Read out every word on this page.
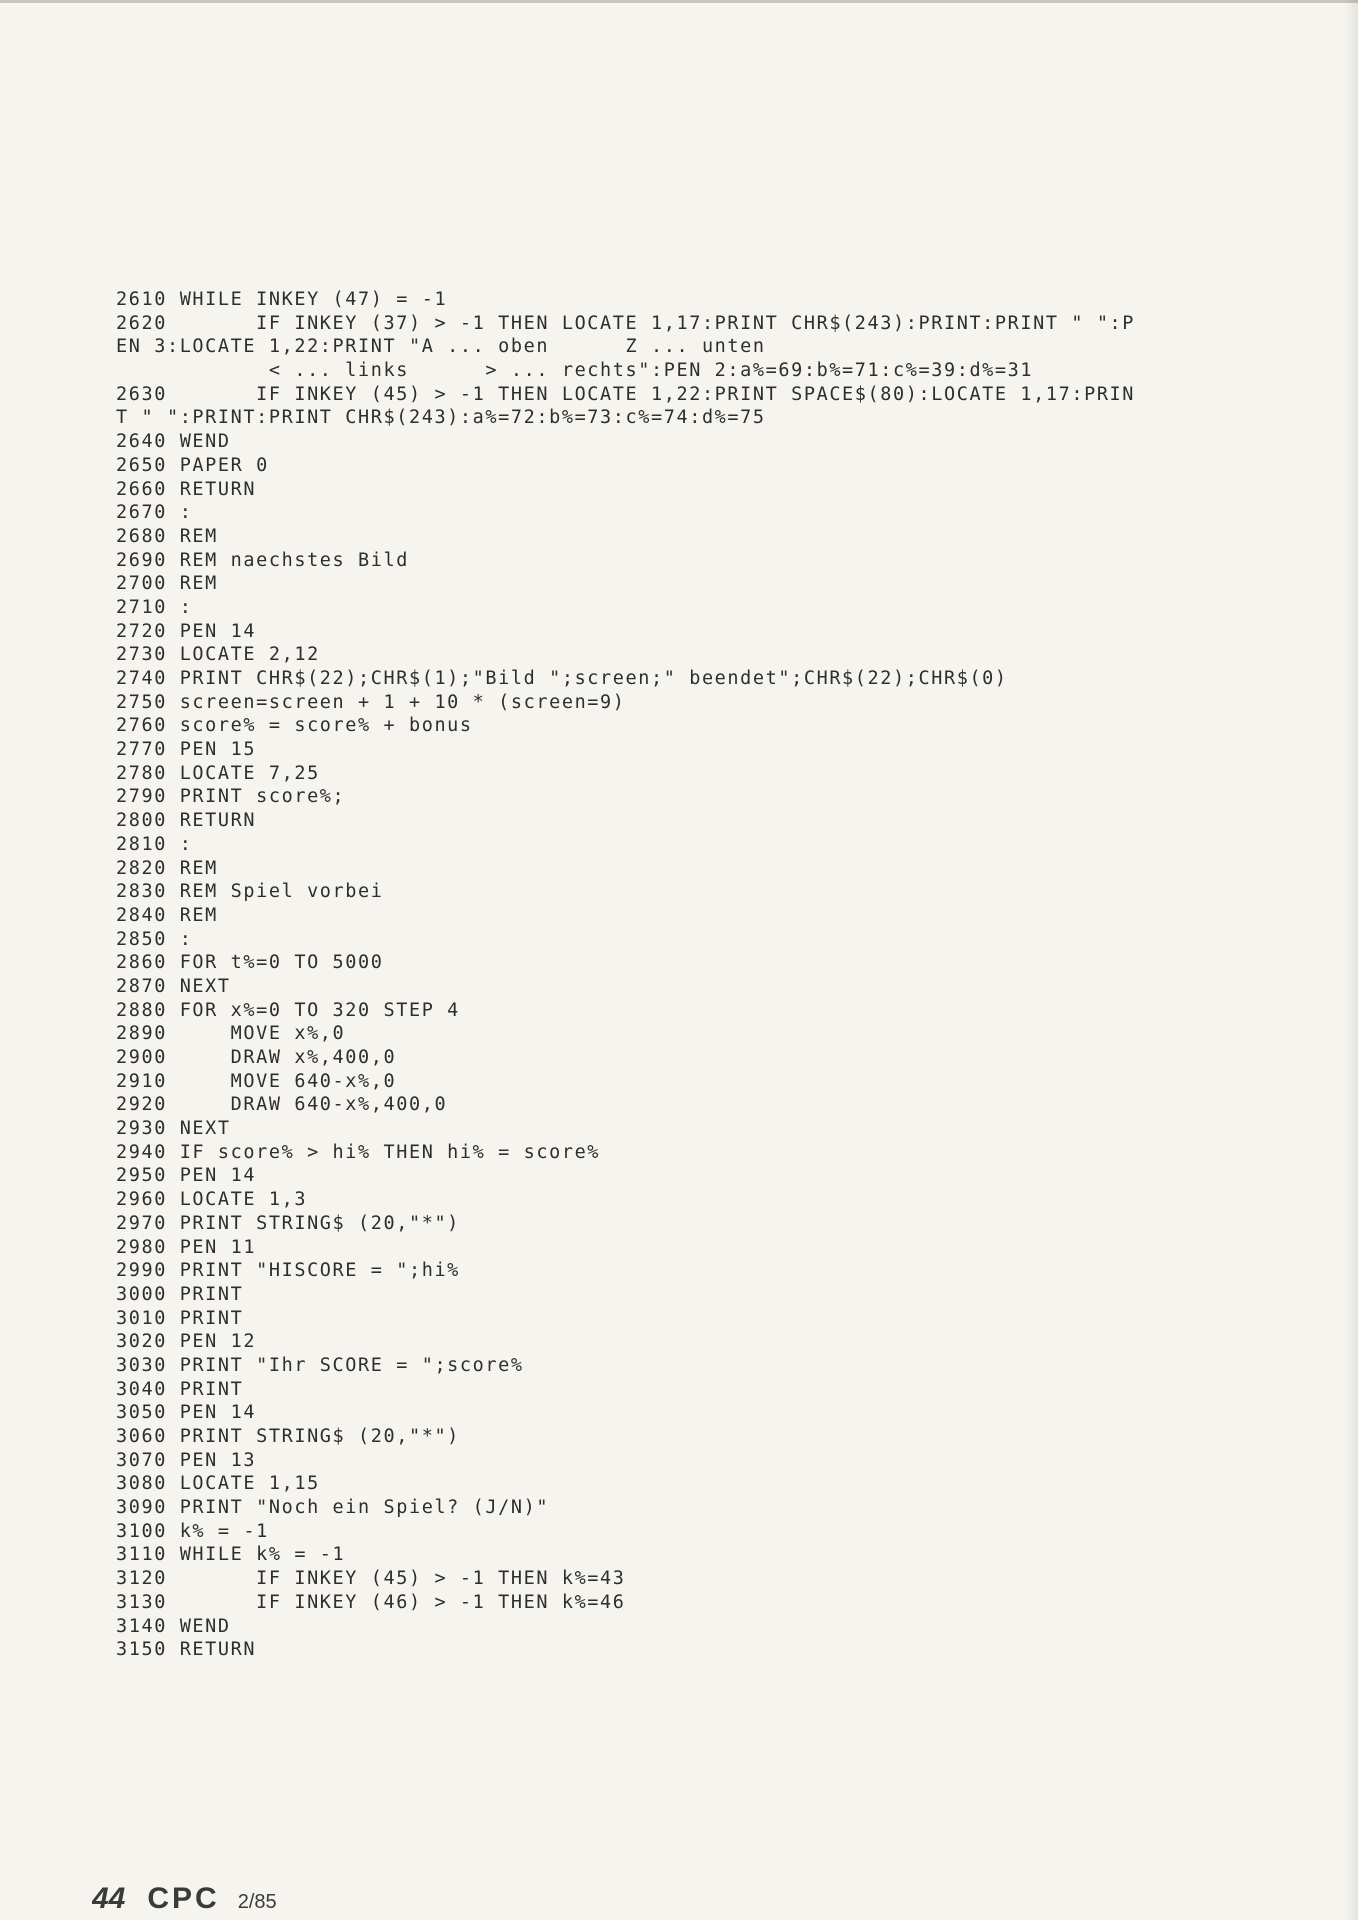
2610 WHILE INKEY (47) = -1
2620       IF INKEY (37) > -1 THEN LOCATE 1,17:PRINT CHR$(243):PRINT:PRINT " ":P
EN 3:LOCATE 1,22:PRINT "A ... oben      Z ... unten
< ... links      > ... rechts":PEN 2:a%=69:b%=71:c%=39:d%=31
2630       IF INKEY (45) > -1 THEN LOCATE 1,22:PRINT SPACE$(80):LOCATE 1,17:PRIN
T " ":PRINT:PRINT CHR$(243):a%=72:b%=73:c%=74:d%=75
2640 WEND
2650 PAPER 0
2660 RETURN
2670 :
2680 REM
2690 REM naechstes Bild
2700 REM
2710 :
2720 PEN 14
2730 LOCATE 2,12
2740 PRINT CHR$(22);CHR$(1);"Bild ";screen;" beendet";CHR$(22);CHR$(0)
2750 screen=screen + 1 + 10 * (screen=9)
2760 score% = score% + bonus
2770 PEN 15
2780 LOCATE 7,25
2790 PRINT score%;
2800 RETURN
2810 :
2820 REM
2830 REM Spiel vorbei
2840 REM
2850 :
2860 FOR t%=0 TO 5000
2870 NEXT
2880 FOR x%=0 TO 320 STEP 4
2890     MOVE x%,0
2900     DRAW x%,400,0
2910     MOVE 640-x%,0
2920     DRAW 640-x%,400,0
2930 NEXT
2940 IF score% > hi% THEN hi% = score%
2950 PEN 14
2960 LOCATE 1,3
2970 PRINT STRING$ (20,"*")
2980 PEN 11
2990 PRINT "HISCORE = ";hi%
3000 PRINT
3010 PRINT
3020 PEN 12
3030 PRINT "Ihr SCORE = ";score%
3040 PRINT
3050 PEN 14
3060 PRINT STRING$ (20,"*")
3070 PEN 13
3080 LOCATE 1,15
3090 PRINT "Noch ein Spiel? (J/N)"
3100 k% = -1
3110 WHILE k% = -1
3120       IF INKEY (45) > -1 THEN k%=43
3130       IF INKEY (46) > -1 THEN k%=46
3140 WEND
3150 RETURN
44 CPC 2/85
